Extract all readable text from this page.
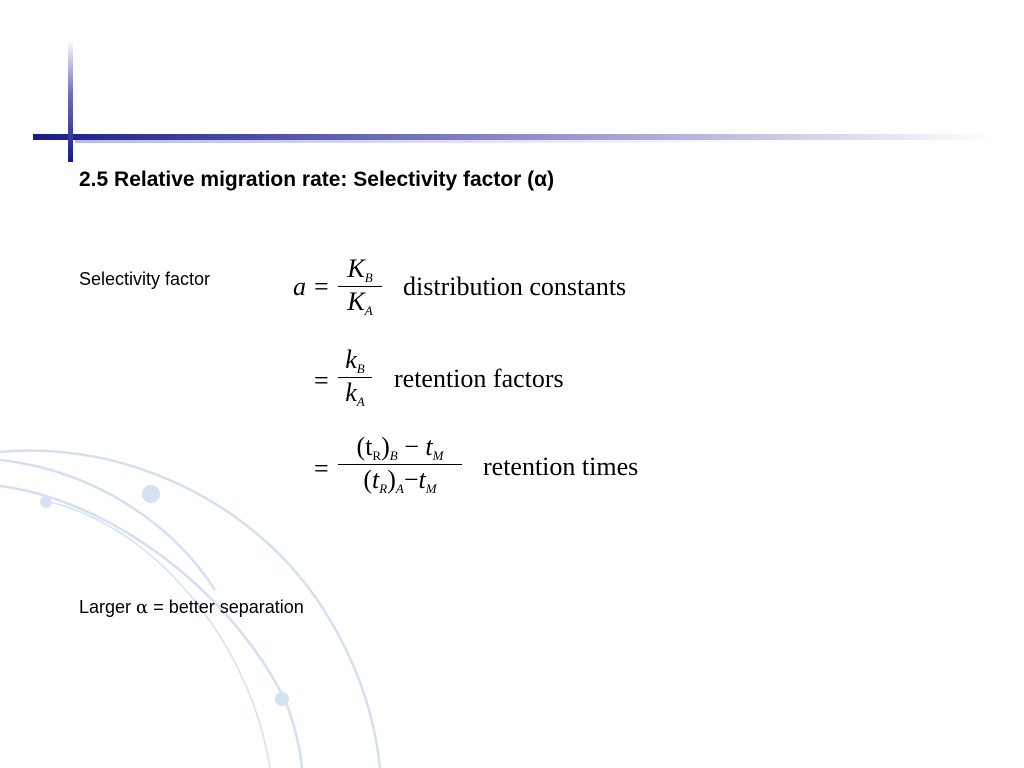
2.5 Relative migration rate: Selectivity factor (α)
Selectivity factor	a =
$K_B$
$K_A$
distribution constants
=
$k_B$
$k_A$
retention factors
=
$(t_R)_B - t_M$
$(t_R)_A-t_M$
retention times
Larger α = better separation
